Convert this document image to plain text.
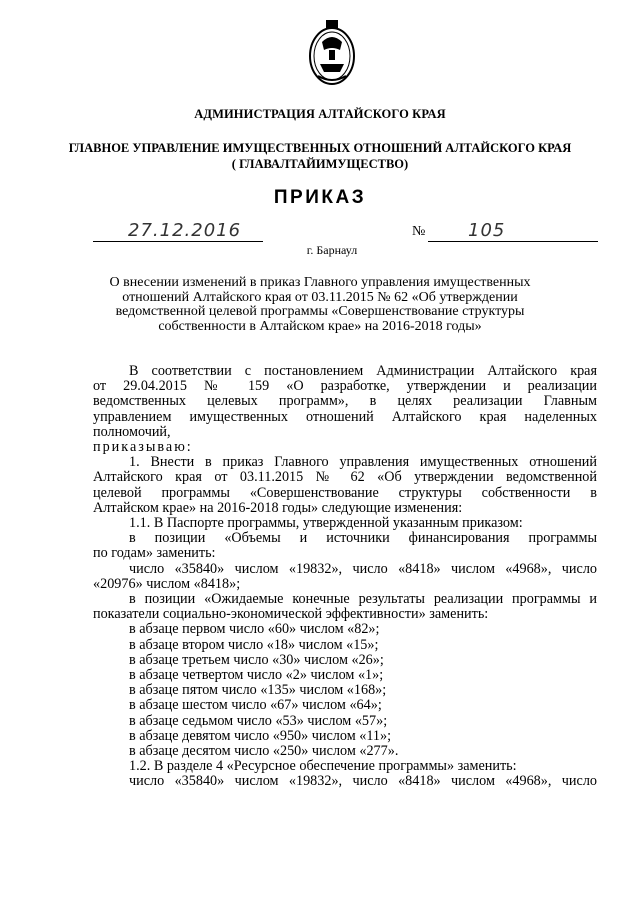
АДМИНИСТРАЦИЯ АЛТАЙСКОГО КРАЯ
ГЛАВНОЕ УПРАВЛЕНИЕ ИМУЩЕСТВЕННЫХ ОТНОШЕНИЙ АЛТАЙСКОГО КРАЯ
( ГЛАВАЛТАЙИМУЩЕСТВО)
ПРИКАЗ
27.12.2016	№ 105
г. Барнаул
О внесении изменений в приказ Главного управления имущественных
отношений Алтайского края от 03.11.2015 № 62 «Об утверждении
ведомственной целевой программы «Совершенствование структуры
собственности в Алтайском крае» на 2016-2018 годы»
В соответствии с постановлением Администрации Алтайского края
от 29.04.2015 № 159 «О разработке, утверждении и реализации
ведомственных целевых программ», в целях реализации Главным
управлением имущественных отношений Алтайского края наделенных
полномочий,
приказываю:
1. Внести в приказ Главного управления имущественных отношений
Алтайского края от 03.11.2015 № 62 «Об утверждении ведомственной
целевой программы «Совершенствование структуры собственности в
Алтайском крае» на 2016-2018 годы» следующие изменения:
1.1. В Паспорте программы, утвержденной указанным приказом:
в позиции «Объемы и источники финансирования программы
по годам» заменить:
число «35840» числом «19832», число «8418» числом «4968», число
«20976» числом «8418»;
в позиции «Ожидаемые конечные результаты реализации программы и
показатели социально-экономической эффективности» заменить:
в абзаце первом число «60» числом «82»;
в абзаце втором число «18» числом «15»;
в абзаце третьем число «30» числом «26»;
в абзаце четвертом число «2» числом «1»;
в абзаце пятом число «135» числом «168»;
в абзаце шестом число «67» числом «64»;
в абзаце седьмом число «53» числом «57»;
в абзаце девятом число «950» числом «11»;
в абзаце десятом число «250» числом «277».
1.2. В разделе 4 «Ресурсное обеспечение программы» заменить:
число «35840» числом «19832», число «8418» числом «4968», число
